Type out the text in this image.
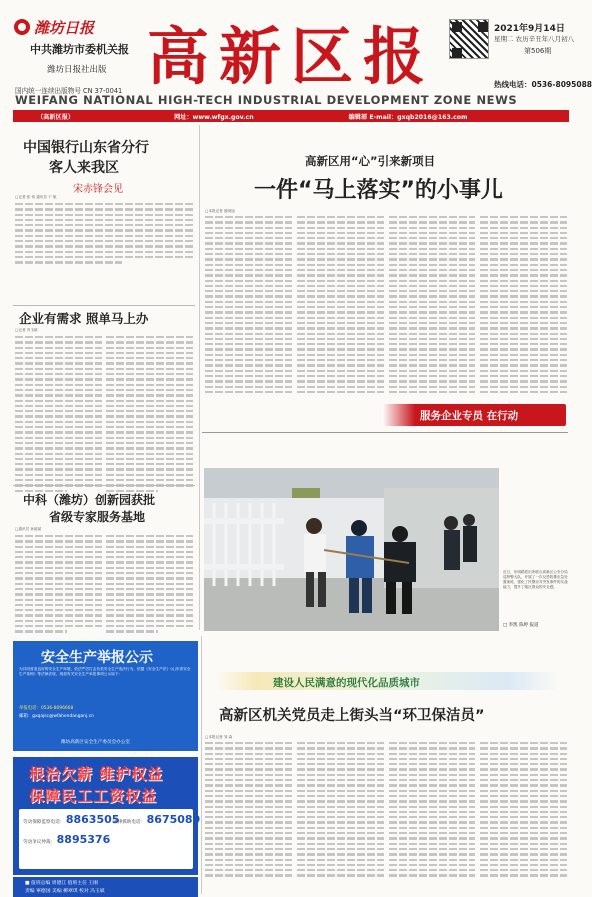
潍坊日报
中共潍坊市委机关报
潍坊日报社出版
国内统一连续出版物号 CN 37-0041 高新区报	2021年9月14日
星期二 农历辛丑年八月初八
第506期
热线电话：0536-8095088
WEIFANG NATIONAL HIGH-TECH INDUSTRIAL DEVELOPMENT ZONE NEWS
（高新区报）	网址：www.wfgx.gov.cn	编辑部 E-mail：gxqb2016@163.com
中国银行山东省分行
客人来我区
宋赤锋会见
□记者 张 伟 通讯员 于 航
企业有需求 照单马上办
□记者 冯玉斌
中科（潍坊）创新园获批
省级专家服务基地
□通讯员 孙丽斌
高新区用“心”引来新项目
一件“马上落实”的小事儿
□本报记者 夏晓旭
服务企业专员 在行动
近日，东明路派出所联合高新区公安分局巡特警大队，开展了一次反恐防暴应急处置演练，强化了民警应对突发事件的实战能力，提升了辖区群众的安全感。
□ 李凯 陈婷 报道
建设人民满意的现代化品质城市
高新区机关党员走上街头当“环卫保洁员”
□本报记者 邹 森
安全生产举报公示
为共同营造良好的安全生产环境，依法严厉打击各类安全生产违法行为，依据《安全生产法》《山东省安全生产条例》等法律法规，现将有关安全生产举报事项公示如下：
举报电话：0536-8096668
邮箱：gxqajsc@wfahendanganj.cn
潍坊高新区安全生产委员会办公室
根治欠薪 维护权益
保障民工工资权益
劳动保障监察电话： 8863505
法律援助电话： 8675089
劳动争议仲裁： 8895376
■ 值班总编 周德江 值班主任 王刚
责编 寧德国 美编 柳翠琪 校对 冯玉斌
